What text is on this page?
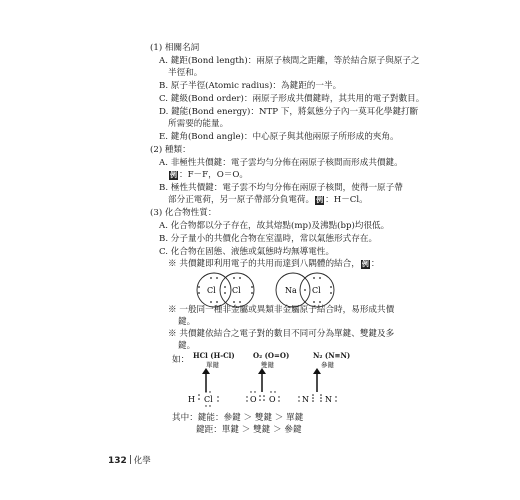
(1) 相關名詞
A. 鍵距(Bond length)：兩原子核間之距離，等於結合原子與原子之
半徑和。
B. 原子半徑(Atomic radius)：為鍵距的一半。
C. 鍵級(Bond order)：兩原子形成共價鍵時，其共用的電子對數目。
D. 鍵能(Bond energy)：NTP 下，將氣態分子內一莫耳化學鍵打斷
所需要的能量。
E. 鍵角(Bond angle)：中心原子與其他兩原子所形成的夾角。
(2) 種類：
A. 非極性共價鍵：電子雲均勻分佈在兩原子核間而形成共價鍵。
例 ：F－F，O＝O。
B. 極性共價鍵：電子雲不均勻分佈在兩原子核間，使得一原子帶
部分正電荷，另一原子帶部分負電荷。 例 ：H－Cl。
(3) 化合物性質：
A. 化合物都以分子存在，故其熔點(mp)及沸點(bp)均很低。
B. 分子量小的共價化合物在室溫時，常以氣態形式存在。
C. 化合物在固態、液態或氣態時均無導電性。
※ 共價鍵即利用電子的共用而達到八隅體的結合， 例 ：
Cl Cl	Na Cl
※ 一般同一種非金屬或異類非金屬原子結合時，易形成共價
鍵。
※ 共價鍵依結合之電子對的數目不同可分為單鍵、雙鍵及多
鍵。
如： HCl (H-Cl)
單鍵
O₂ (O=O)
雙鍵
N₂ (N≡N)
參鍵
H Cl	O O	N N
其中：鍵能：參鍵 ＞ 雙鍵 ＞ 單鍵
鍵距：單鍵 ＞ 雙鍵 ＞ 參鍵
132 化學
